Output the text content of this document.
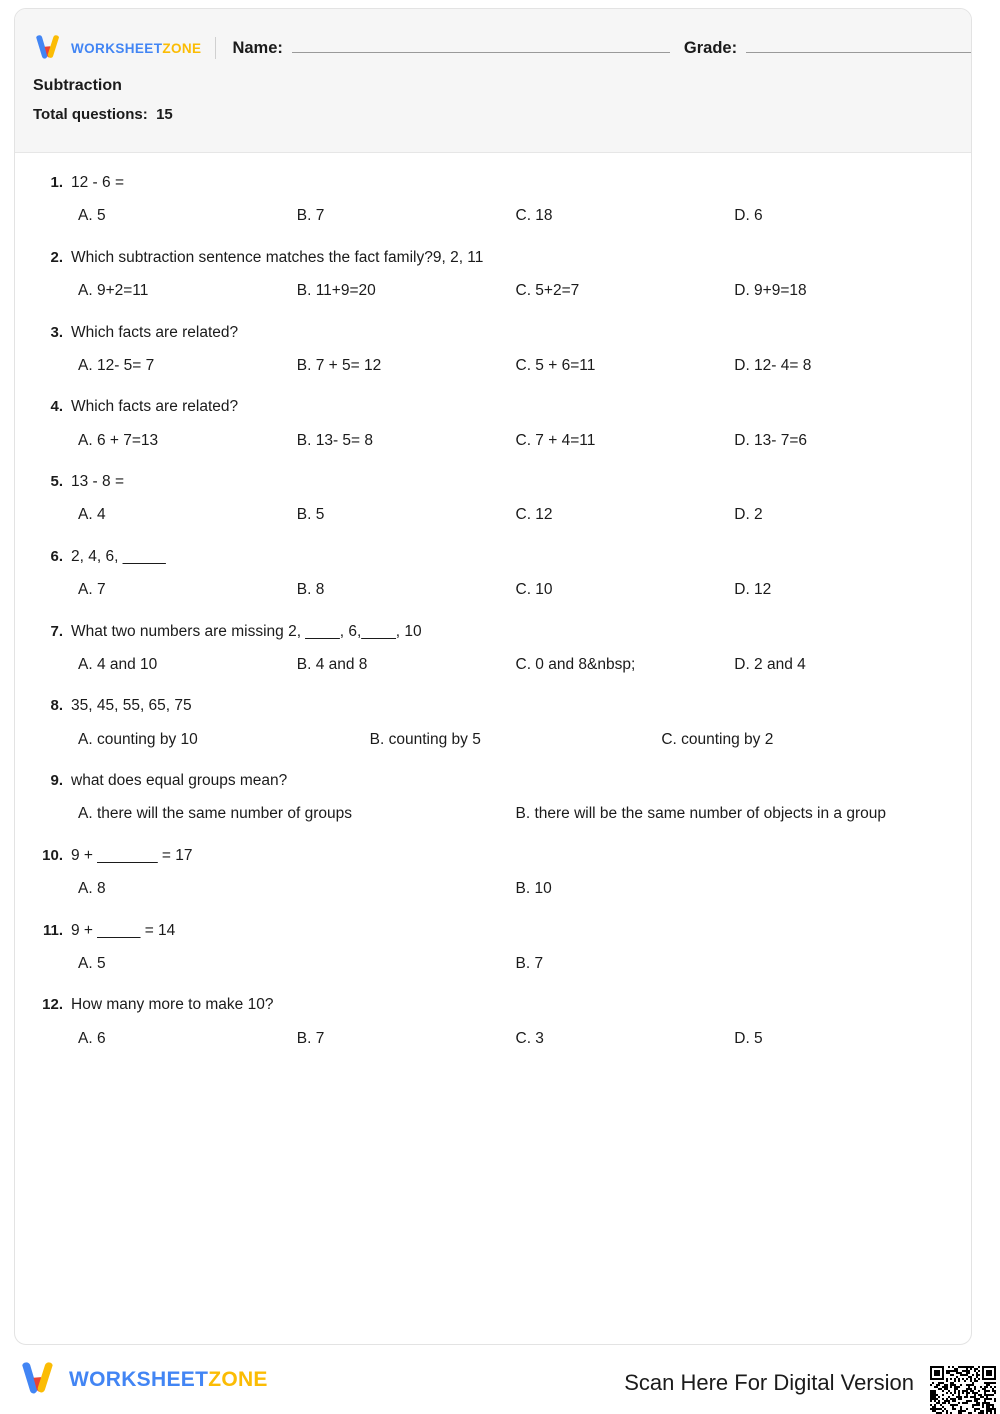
WORKSHEETZONE Name:	Grade:
Subtraction
Total questions: 15
1. 12 - 6 =
A. 5	B. 7	C. 18	D. 6
2. Which subtraction sentence matches the fact family?9, 2, 11
A. 9+2=11	B. 11+9=20	C. 5+2=7	D. 9+9=18
3. Which facts are related?
A. 12- 5= 7	B. 7 + 5= 12	C. 5 + 6=11	D. 12- 4= 8
4. Which facts are related?
A. 6 + 7=13	B. 13- 5= 8	C. 7 + 4=11	D. 13- 7=6
5. 13 - 8 =
A. 4	B. 5	C. 12	D. 2
6. 2, 4, 6, _____
A. 7	B. 8	C. 10	D. 12
7. What two numbers are missing 2, ____, 6,____, 10
A. 4 and 10	B. 4 and 8	C. 0 and 8&nbsp;	D. 2 and 4
8. 35, 45, 55, 65, 75
A. counting by 10	B. counting by 5	C. counting by 2
9. what does equal groups mean?
A. there will the same number of groups	B. there will be the same number of objects in a group
10. 9 + _______ = 17
A. 8	B. 10
11. 9 + _____ = 14
A. 5	B. 7
12. How many more to make 10?
A. 6	B. 7	C. 3	D. 5
WORKSHEETZONE	Scan Here For Digital Version
